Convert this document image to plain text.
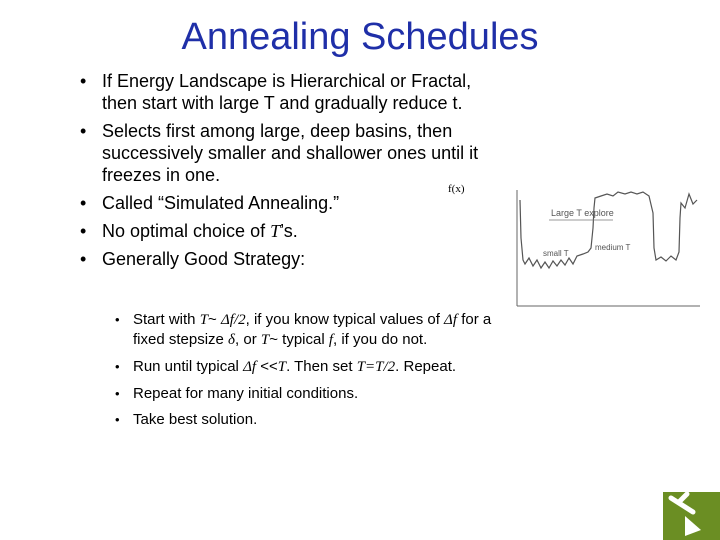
Annealing Schedules
• If Energy Landscape is Hierarchical or Fractal, then start with large T and gradually reduce t.
• Selects first among large, deep basins, then successively smaller and shallower ones until it freezes in one.
• Called “Simulated Annealing.”
• No optimal choice of T’s.
• Generally Good Strategy:
• Start with T~ Δf/2, if you know typical values of Δf for a fixed stepsize δ, or T~ typical f, if you do not.
• Run until typical Δf <<T. Then set T=T/2. Repeat.
• Repeat for many initial conditions.
• Take best solution.
f(x)
Large T explore
small T
medium T
